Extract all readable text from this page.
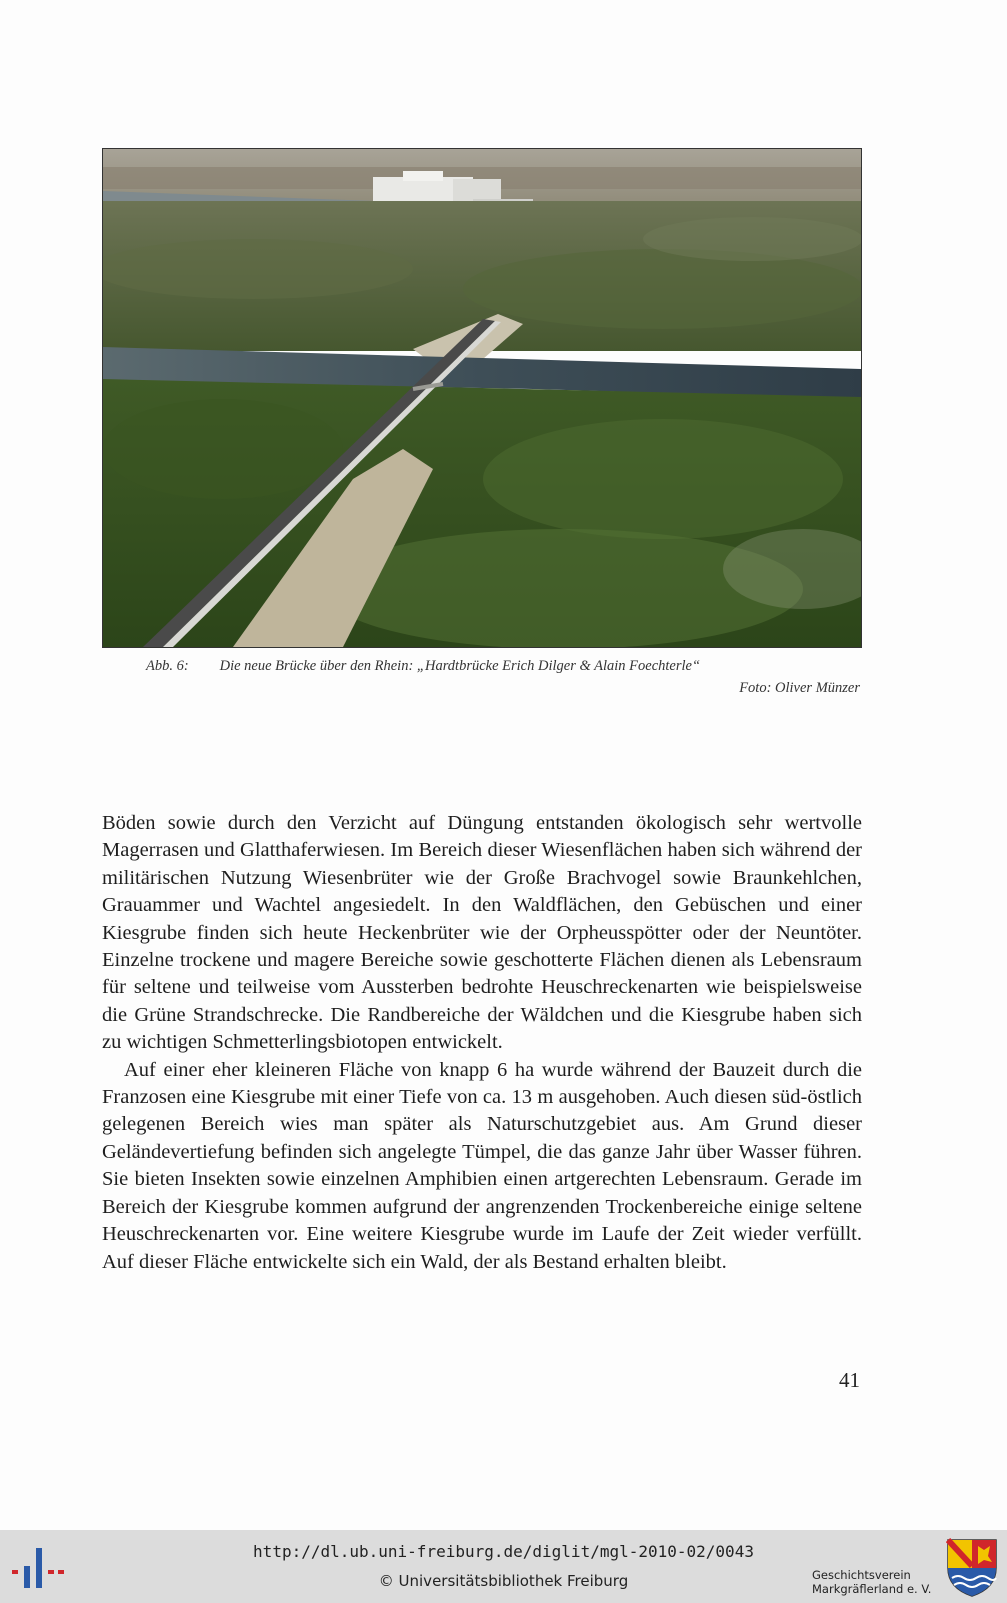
Abb. 6: Die neue Brücke über den Rhein: „Hardtbrücke Erich Dilger & Alain Foechterle“
Foto: Oliver Münzer

Böden sowie durch den Verzicht auf Düngung entstanden ökologisch sehr wertvolle Magerrasen und Glatthaferwiesen. Im Bereich dieser Wiesenflächen haben sich während der militärischen Nutzung Wiesenbrüter wie der Große Brachvogel sowie Braunkehlchen, Grauammer und Wachtel angesiedelt. In den Waldflächen, den Gebüschen und einer Kiesgrube finden sich heute Heckenbrüter wie der Orpheusspötter oder der Neuntöter. Einzelne trockene und magere Bereiche sowie geschotterte Flächen dienen als Lebensraum für seltene und teilweise vom Aussterben bedrohte Heuschreckenarten wie beispielsweise die Grüne Strandschrecke. Die Randbereiche der Wäldchen und die Kiesgrube haben sich zu wichtigen Schmetterlingsbiotopen entwickelt.

Auf einer eher kleineren Fläche von knapp 6 ha wurde während der Bauzeit durch die Franzosen eine Kiesgrube mit einer Tiefe von ca. 13 m ausgehoben. Auch diesen süd-östlich gelegenen Bereich wies man später als Naturschutzgebiet aus. Am Grund dieser Geländevertiefung befinden sich angelegte Tümpel, die das ganze Jahr über Wasser führen. Sie bieten Insekten sowie einzelnen Amphibien einen artgerechten Lebensraum. Gerade im Bereich der Kiesgrube kommen aufgrund der angrenzenden Trockenbereiche einige seltene Heuschreckenarten vor. Eine weitere Kiesgrube wurde im Laufe der Zeit wieder verfüllt. Auf dieser Fläche entwickelte sich ein Wald, der als Bestand erhalten bleibt.

41
http://dl.ub.uni-freiburg.de/diglit/mgl-2010-02/0043
© Universitätsbibliothek Freiburg	Geschichtsverein
Markgräflerland e. V.
